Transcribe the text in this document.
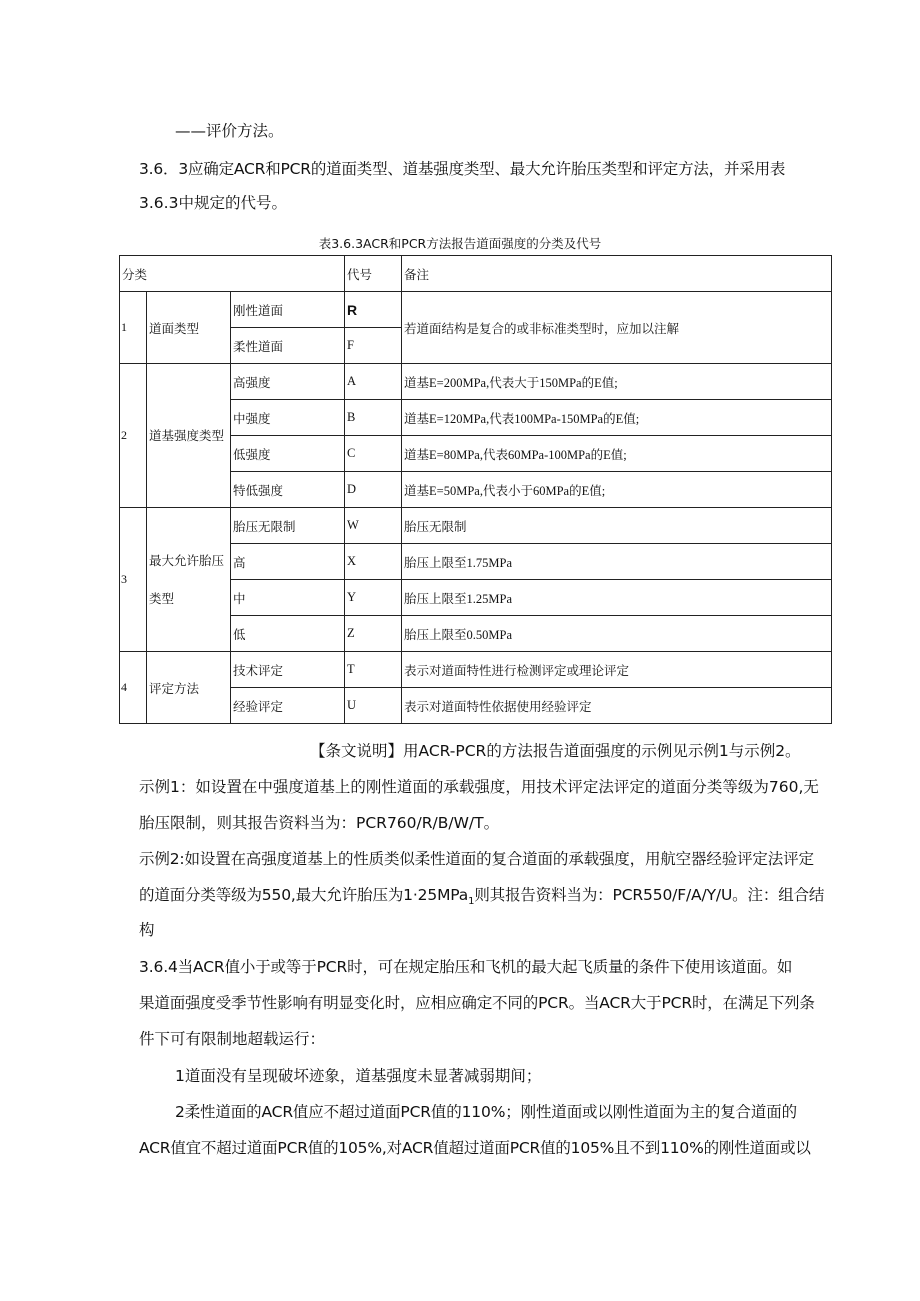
——评价方法。
3.6．3应确定ACR和PCR的道面类型、道基强度类型、最大允许胎压类型和评定方法，并采用表
3.6.3中规定的代号。
表3.6.3ACR和PCR方法报告道面强度的分类及代号
分类			代号	备注
1	道面类型	刚性道面	R	若道面结构是复合的或非标准类型时，应加以注解
		柔性道面	F	
2	道基强度类型	高强度	A	道基E=200MPa,代表大于150MPa的E值;
		中强度	B	道基E=120MPa,代表100MPa-150MPa的E值;
		低强度	C	道基E=80MPa,代表60MPa-100MPa的E值;
		特低强度	D	道基E=50MPa,代表小于60MPa的E值;
3	最大允许胎压类型	胎压无限制	W	胎压无限制
		高	X	胎压上限至1.75MPa
		中	Y	胎压上限至1.25MPa
		低	Z	胎压上限至0.50MPa
4	评定方法	技术评定	T	表示对道面特性进行检测评定或理论评定
		经验评定	U	表示对道面特性依据使用经验评定
【条文说明】用ACR-PCR的方法报告道面强度的示例见示例1与示例2。
示例1：如设置在中强度道基上的刚性道面的承载强度，用技术评定法评定的道面分类等级为760,无
胎压限制，则其报告资料当为：PCR760/R/B/W/T。
示例2:如设置在高强度道基上的性质类似柔性道面的复合道面的承载强度，用航空器经验评定法评定
的道面分类等级为550,最大允许胎压为1·25MPa$_1$则其报告资料当为：PCR550/F/A/Y/U。注：组合结
构
3.6.4当ACR值小于或等于PCR时，可在规定胎压和飞机的最大起飞质量的条件下使用该道面。如
果道面强度受季节性影响有明显变化时，应相应确定不同的PCR。当ACR大于PCR时，在满足下列条
件下可有限制地超载运行：
1道面没有呈现破坏迹象，道基强度未显著减弱期间；
2柔性道面的ACR值应不超过道面PCR值的110%；刚性道面或以刚性道面为主的复合道面的
ACR值宜不超过道面PCR值的105%,对ACR值超过道面PCR值的105%且不到110%的刚性道面或以
